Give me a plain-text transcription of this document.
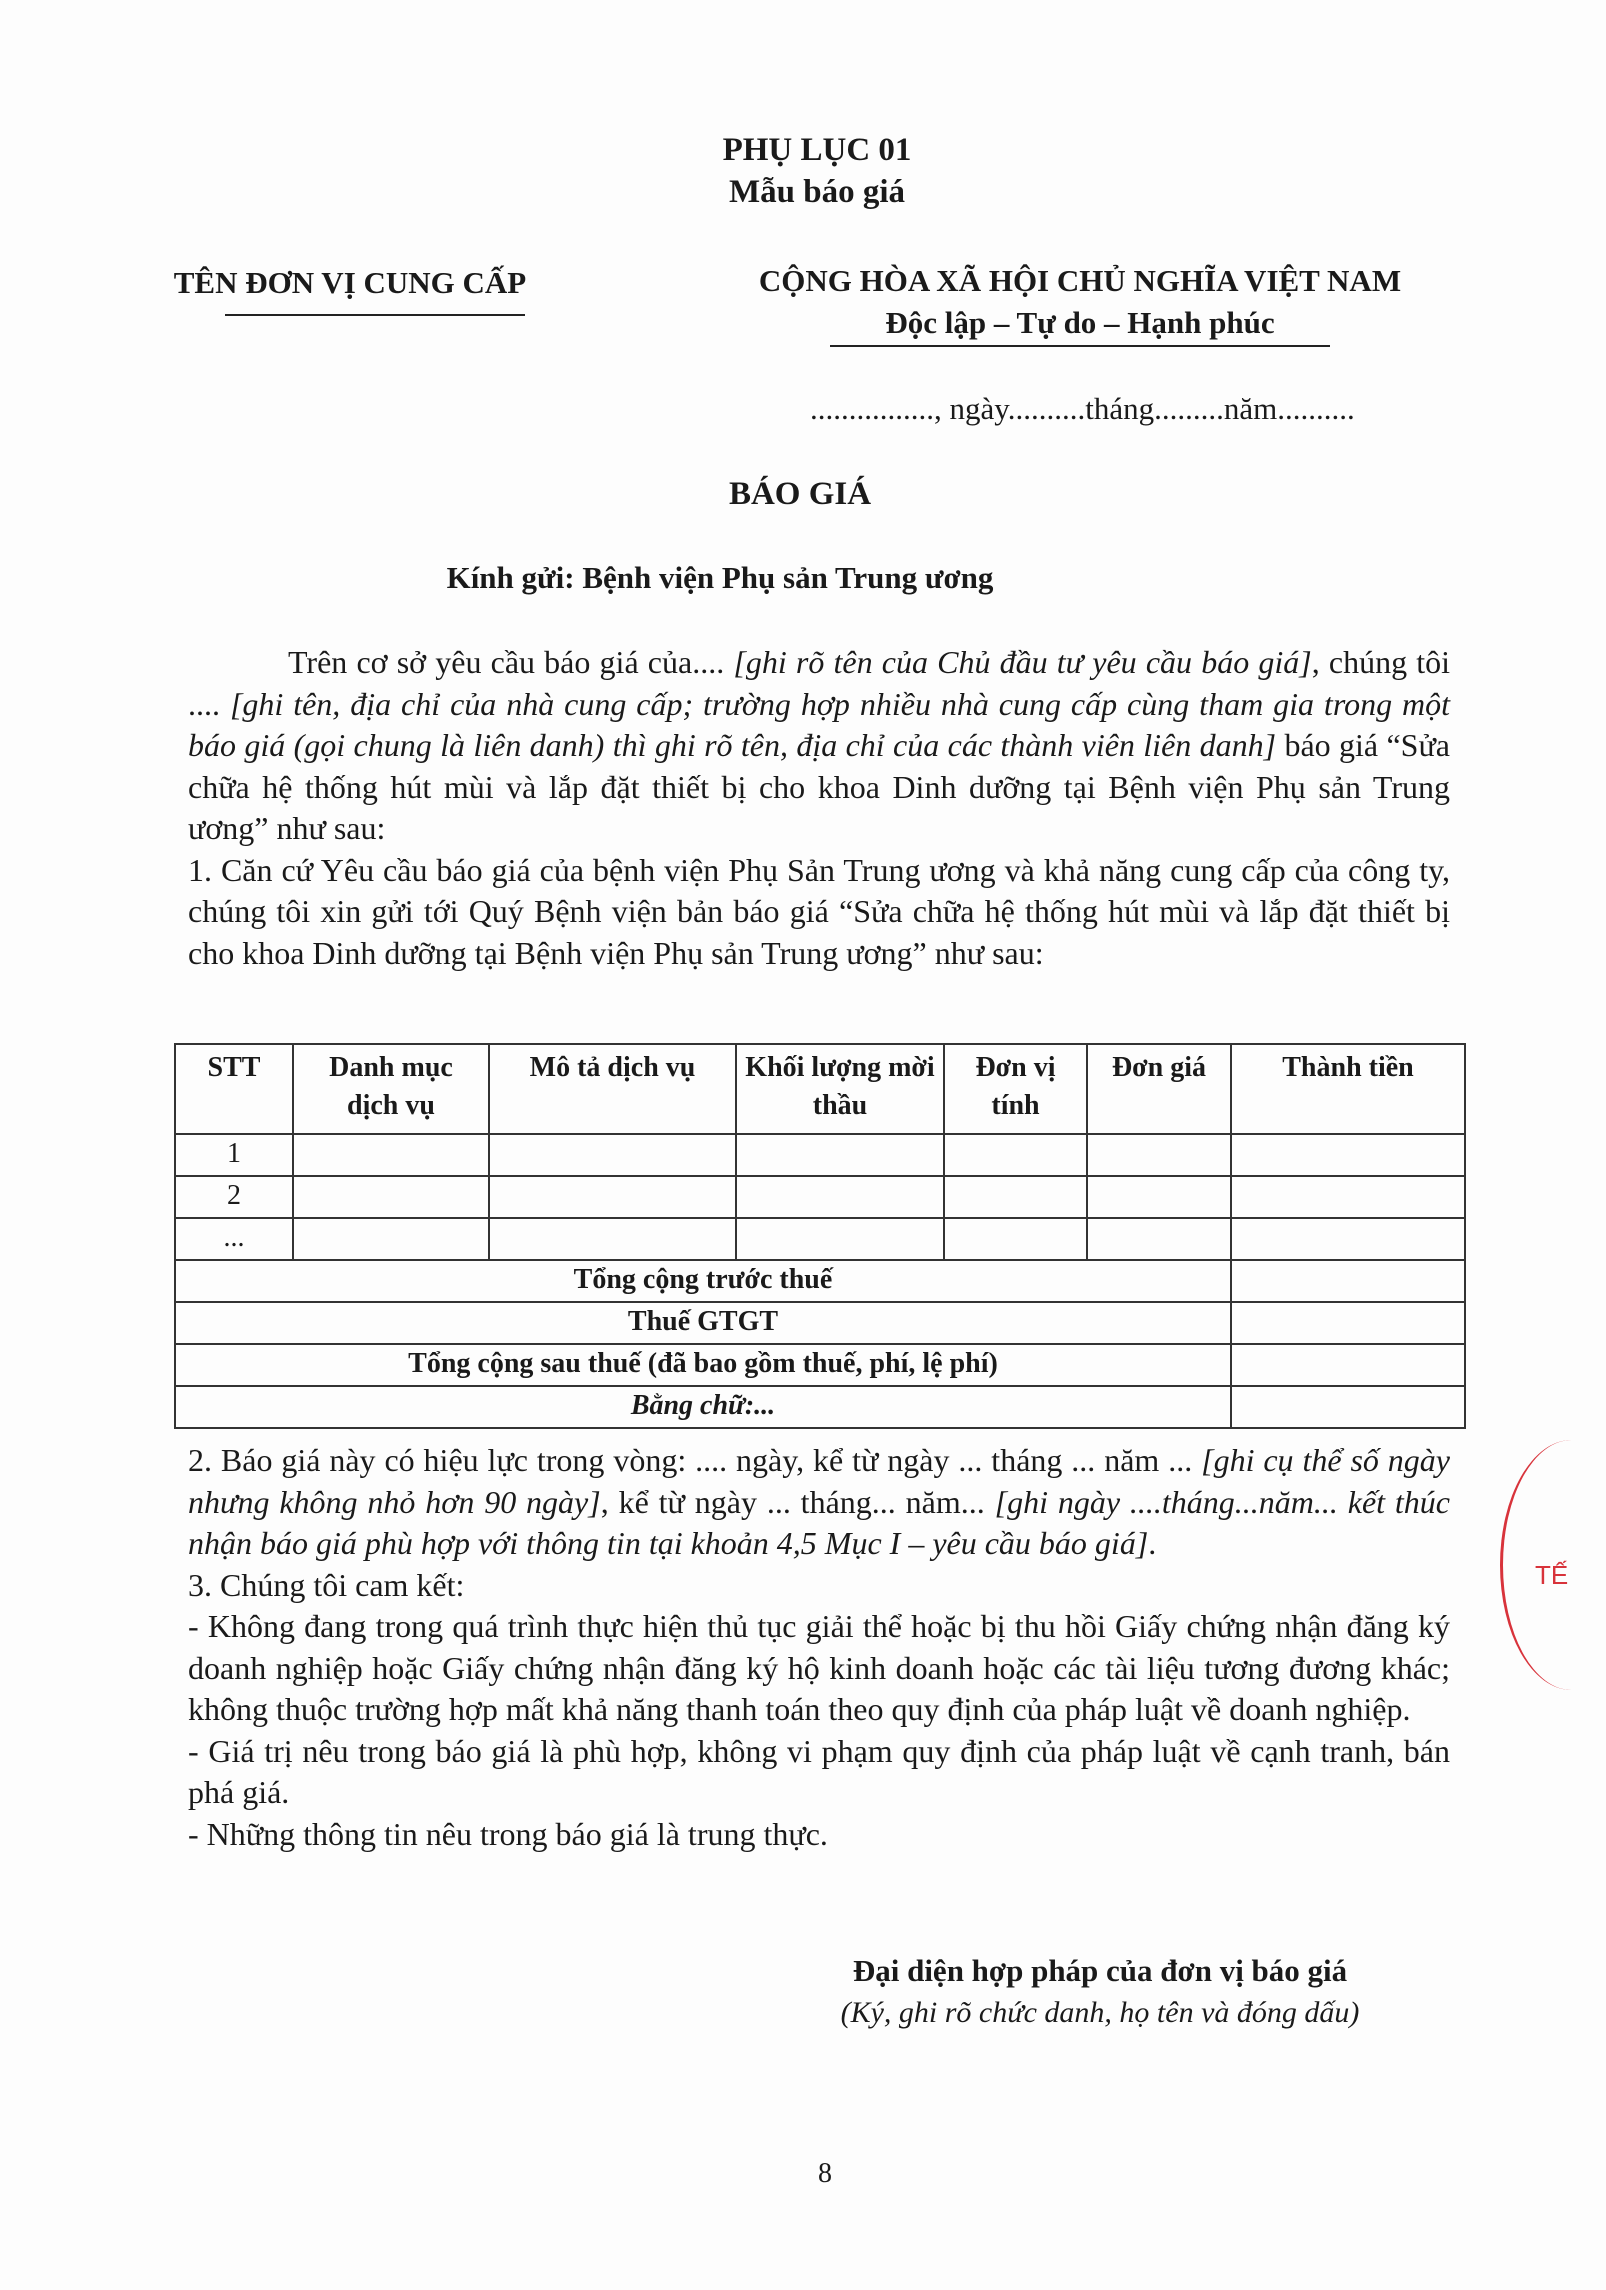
PHỤ LỤC 01
Mẫu báo giá
TÊN ĐƠN VỊ CUNG CẤP	CỘNG HÒA XÃ HỘI CHỦ NGHĨA VIỆT NAM
Độc lập – Tự do – Hạnh phúc
................, ngày..........tháng.........năm..........
BÁO GIÁ
Kính gửi: Bệnh viện Phụ sản Trung ương

Trên cơ sở yêu cầu báo giá của.... [ghi rõ tên của Chủ đầu tư yêu cầu báo giá], chúng tôi .... [ghi tên, địa chỉ của nhà cung cấp; trường hợp nhiều nhà cung cấp cùng tham gia trong một báo giá (gọi chung là liên danh) thì ghi rõ tên, địa chỉ của các thành viên liên danh] báo giá “Sửa chữa hệ thống hút mùi và lắp đặt thiết bị cho khoa Dinh dưỡng tại Bệnh viện Phụ sản Trung ương” như sau:

1. Căn cứ Yêu cầu báo giá của bệnh viện Phụ Sản Trung ương và khả năng cung cấp của công ty, chúng tôi xin gửi tới Quý Bệnh viện bản báo giá “Sửa chữa hệ thống hút mùi và lắp đặt thiết bị cho khoa Dinh dưỡng tại Bệnh viện Phụ sản Trung ương” như sau:

STT	Danh mục dịch vụ	Mô tả dịch vụ	Khối lượng mời thầu	Đơn vị tính	Đơn giá	Thành tiền
1						
2						
...						
Tổng cộng trước thuế						
Thuế GTGT						
Tổng cộng sau thuế (đã bao gồm thuế, phí, lệ phí)						
Bằng chữ:...						

2. Báo giá này có hiệu lực trong vòng: .... ngày, kể từ ngày ... tháng ... năm ... [ghi cụ thể số ngày nhưng không nhỏ hơn 90 ngày], kể từ ngày ... tháng... năm... [ghi ngày ....tháng...năm... kết thúc nhận báo giá phù hợp với thông tin tại khoản 4,5 Mục I – yêu cầu báo giá].

3. Chúng tôi cam kết:

- Không đang trong quá trình thực hiện thủ tục giải thể hoặc bị thu hồi Giấy chứng nhận đăng ký doanh nghiệp hoặc Giấy chứng nhận đăng ký hộ kinh doanh hoặc các tài liệu tương đương khác; không thuộc trường hợp mất khả năng thanh toán theo quy định của pháp luật về doanh nghiệp.

- Giá trị nêu trong báo giá là phù hợp, không vi phạm quy định của pháp luật về cạnh tranh, bán phá giá.

- Những thông tin nêu trong báo giá là trung thực.

Đại diện hợp pháp của đơn vị báo giá
(Ký, ghi rõ chức danh, họ tên và đóng dấu)
TẾ
8
